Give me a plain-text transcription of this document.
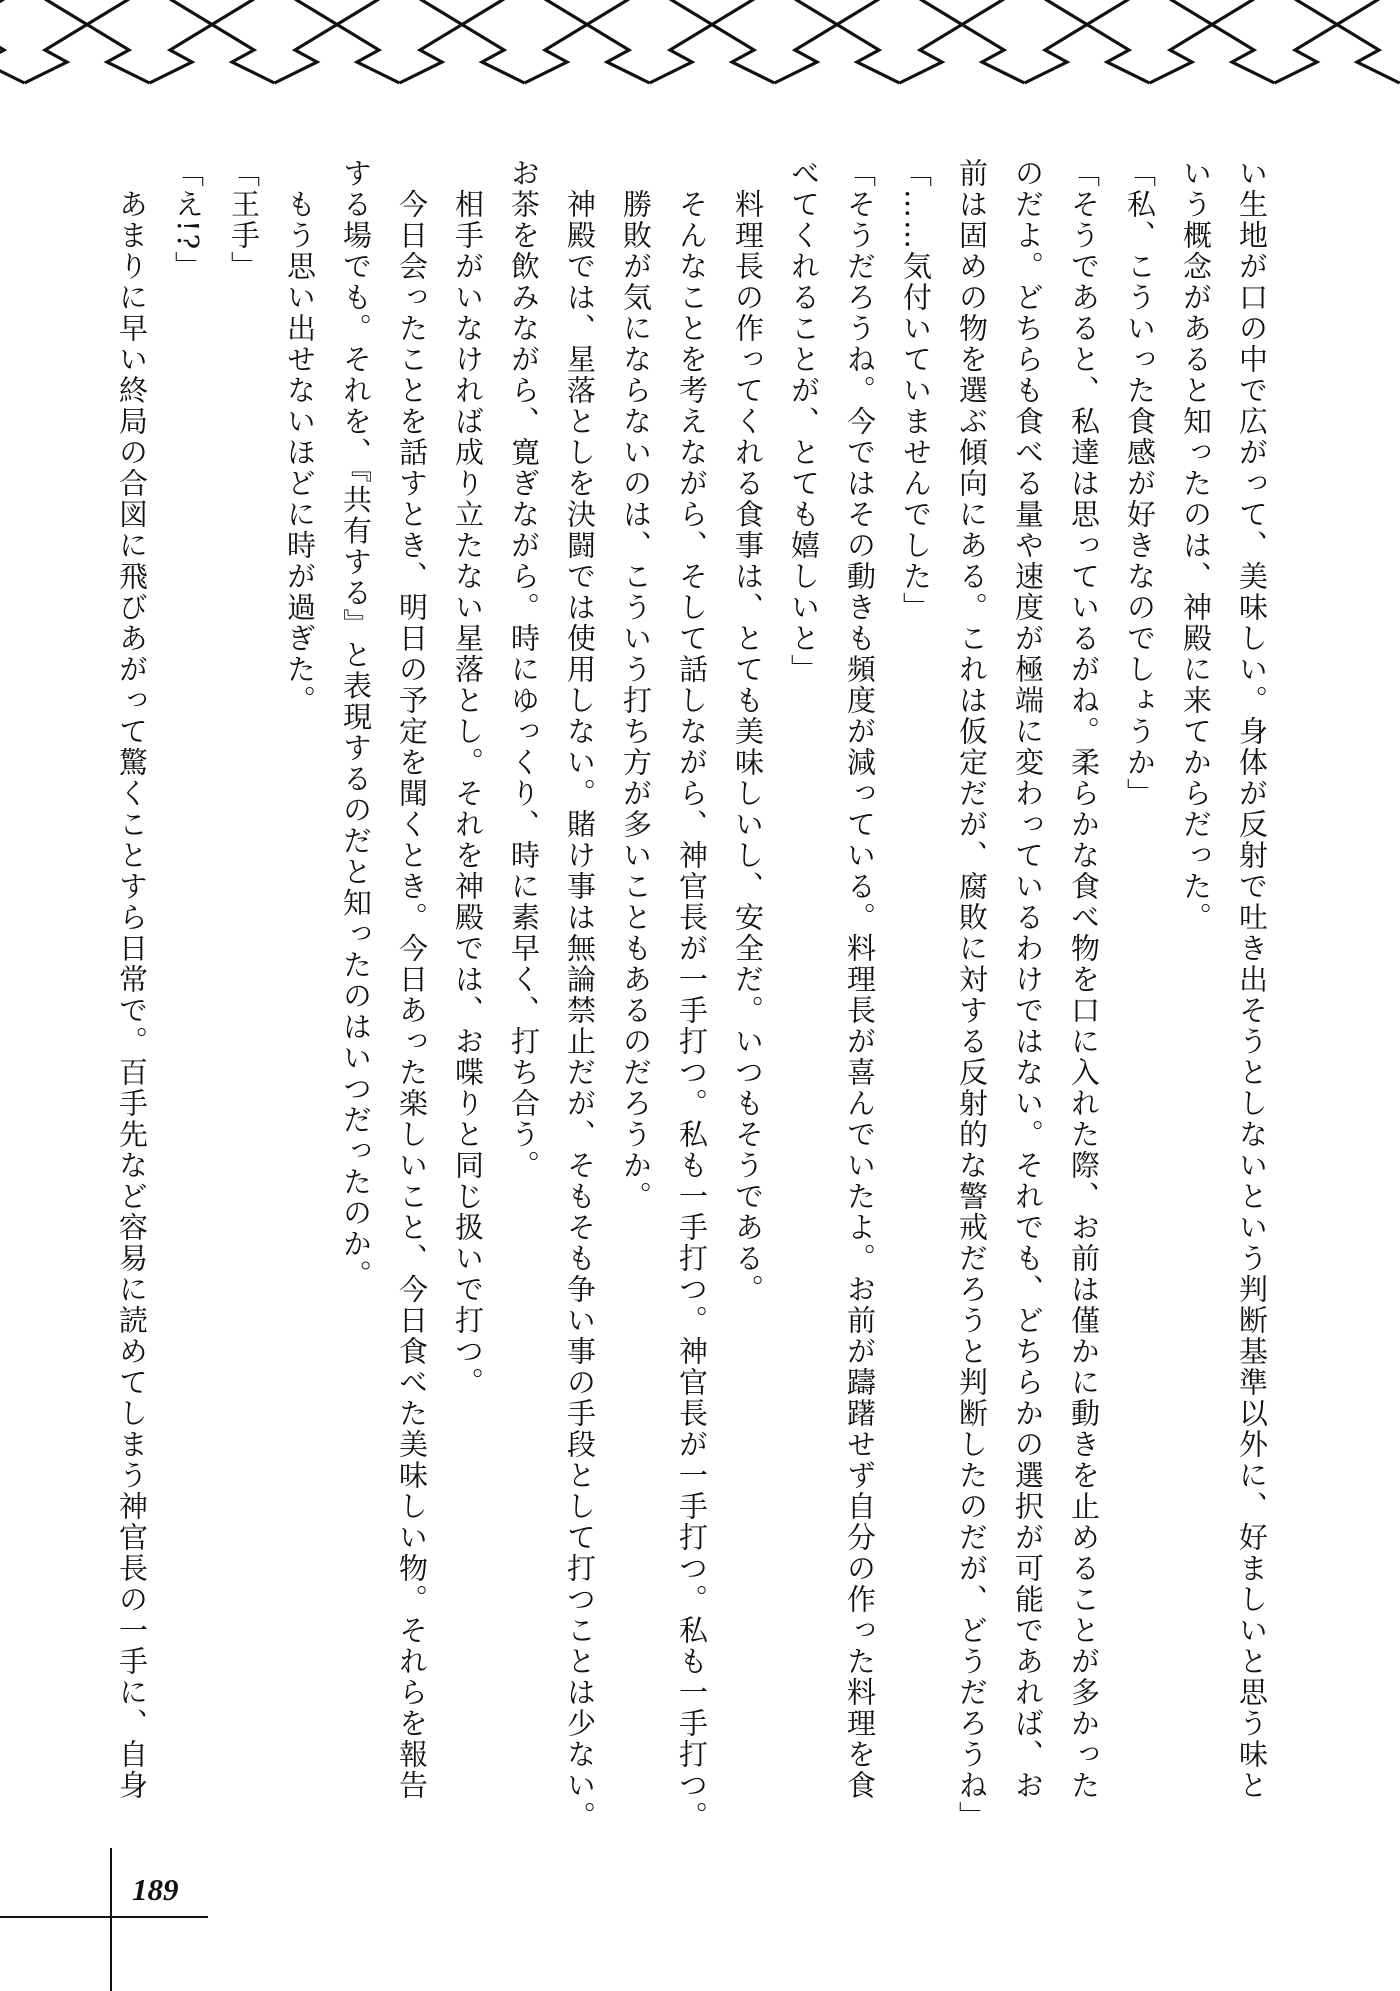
い生地が口の中で広がって、美味しい。身体が反射で吐き出そうとしないという判断基準以外に、好ましいと思う味と
いう概念があると知ったのは、神殿に来てからだった。
「私、こういった食感が好きなのでしょうか」
「そうであると、私達は思っているがね。柔らかな食べ物を口に入れた際、お前は僅かに動きを止めることが多かった
のだよ。どちらも食べる量や速度が極端に変わっているわけではない。それでも、どちらかの選択が可能であれば、お
前は固めの物を選ぶ傾向にある。これは仮定だが、腐敗に対する反射的な警戒だろうと判断したのだが、どうだろうね」
「……気付いていませんでした」
「そうだろうね。今ではその動きも頻度が減っている。料理長が喜んでいたよ。お前が躊躇せず自分の作った料理を食
べてくれることが、とても嬉しいと」
料理長の作ってくれる食事は、とても美味しいし、安全だ。いつもそうである。
そんなことを考えながら、そして話しながら、神官長が一手打つ。私も一手打つ。神官長が一手打つ。私も一手打つ。
勝敗が気にならないのは、こういう打ち方が多いこともあるのだろうか。
神殿では、星落としを決闘では使用しない。賭け事は無論禁止だが、そもそも争い事の手段として打つことは少ない。
お茶を飲みながら、寛ぎながら。時にゆっくり、時に素早く、打ち合う。
相手がいなければ成り立たない星落とし。それを神殿では、お喋りと同じ扱いで打つ。
今日会ったことを話すとき、明日の予定を聞くとき。今日あった楽しいこと、今日食べた美味しい物。それらを報告
する場でも。それを、『共有する』と表現するのだと知ったのはいつだったのか。
もう思い出せないほどに時が過ぎた。
「王手」
「え!?」
あまりに早い終局の合図に飛びあがって驚くことすら日常で。百手先など容易に読めてしまう神官長の一手に、自身
189
